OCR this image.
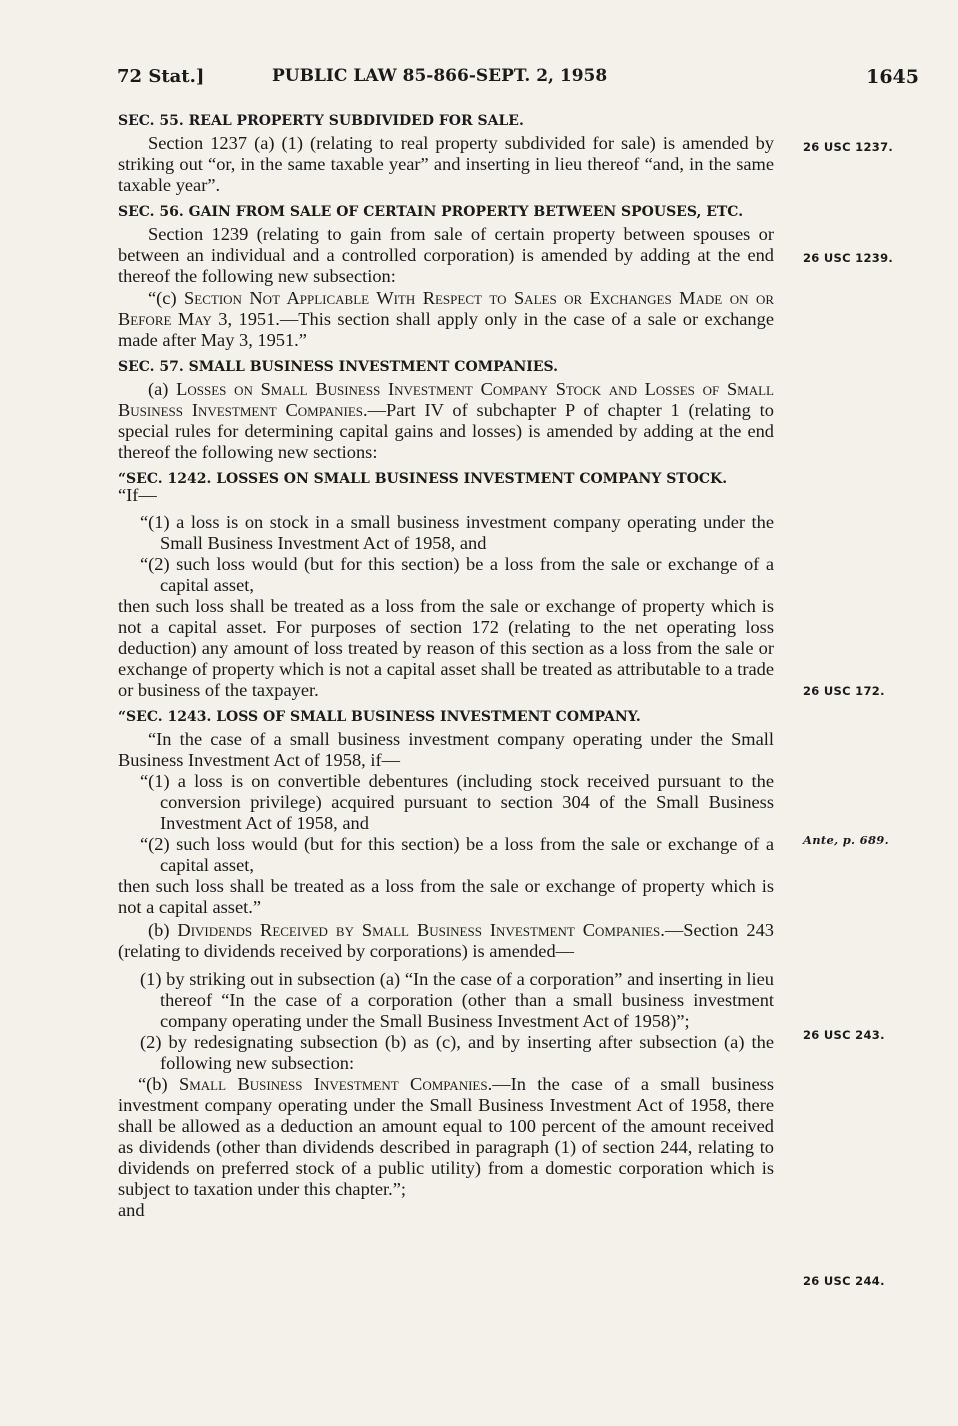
72 Stat.]	PUBLIC LAW 85-866-SEPT. 2, 1958	1645
SEC. 55. REAL PROPERTY SUBDIVIDED FOR SALE.

Section 1237 (a) (1) (relating to real property subdivided for sale) is amended by striking out “or, in the same taxable year” and inserting in lieu thereof “and, in the same taxable year”.

SEC. 56. GAIN FROM SALE OF CERTAIN PROPERTY BETWEEN SPOUSES, ETC.

Section 1239 (relating to gain from sale of certain property between spouses or between an individual and a controlled corporation) is amended by adding at the end thereof the following new subsection:

“(c) Section Not Applicable With Respect to Sales or Exchanges Made on or Before May 3, 1951.—This section shall apply only in the case of a sale or exchange made after May 3, 1951.”

SEC. 57. SMALL BUSINESS INVESTMENT COMPANIES.

(a) Losses on Small Business Investment Company Stock and Losses of Small Business Investment Companies.—Part IV of subchapter P of chapter 1 (relating to special rules for determining capital gains and losses) is amended by adding at the end thereof the following new sections:

“SEC. 1242. LOSSES ON SMALL BUSINESS INVESTMENT COMPANY STOCK.

“If—

“(1) a loss is on stock in a small business investment company operating under the Small Business Investment Act of 1958, and

“(2) such loss would (but for this section) be a loss from the sale or exchange of a capital asset,

then such loss shall be treated as a loss from the sale or exchange of property which is not a capital asset. For purposes of section 172 (relating to the net operating loss deduction) any amount of loss treated by reason of this section as a loss from the sale or exchange of property which is not a capital asset shall be treated as attributable to a trade or business of the taxpayer.

“SEC. 1243. LOSS OF SMALL BUSINESS INVESTMENT COMPANY.

“In the case of a small business investment company operating under the Small Business Investment Act of 1958, if—

“(1) a loss is on convertible debentures (including stock received pursuant to the conversion privilege) acquired pursuant to section 304 of the Small Business Investment Act of 1958, and

“(2) such loss would (but for this section) be a loss from the sale or exchange of a capital asset,

then such loss shall be treated as a loss from the sale or exchange of property which is not a capital asset.”

(b) Dividends Received by Small Business Investment Companies.—Section 243 (relating to dividends received by corporations) is amended—

(1) by striking out in subsection (a) “In the case of a corporation” and inserting in lieu thereof “In the case of a corporation (other than a small business investment company operating under the Small Business Investment Act of 1958)”;

(2) by redesignating subsection (b) as (c), and by inserting after subsection (a) the following new subsection:

“(b) Small Business Investment Companies.—In the case of a small business investment company operating under the Small Business Investment Act of 1958, there shall be allowed as a deduction an amount equal to 100 percent of the amount received as dividends (other than dividends described in paragraph (1) of section 244, relating to dividends on preferred stock of a public utility) from a domestic corporation which is subject to taxation under this chapter.”;

and

26 USC 1237.
26 USC 1239.
26 USC 172.
Ante, p. 689.
26 USC 243.
26 USC 244.
